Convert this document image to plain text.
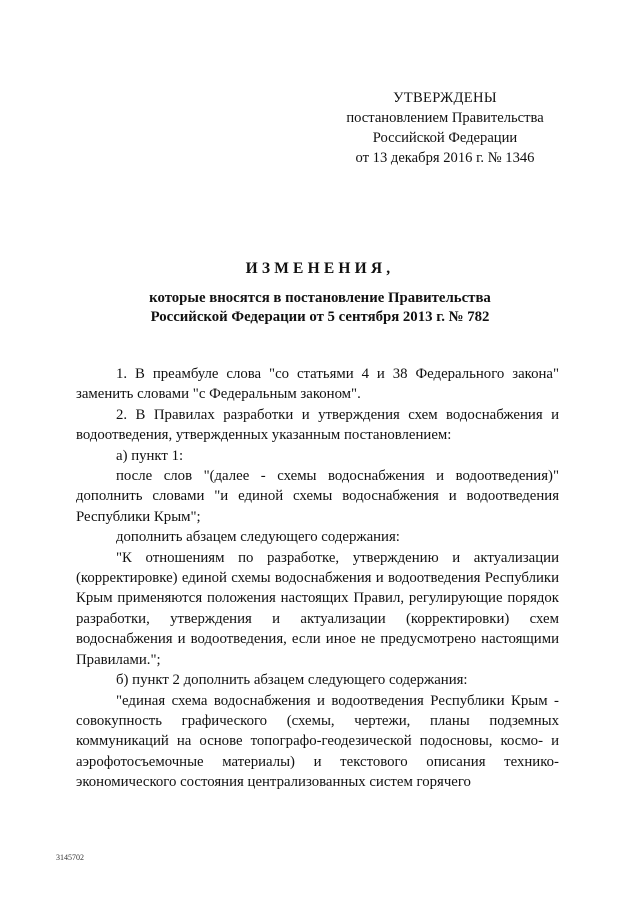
УТВЕРЖДЕНЫ
постановлением Правительства
Российской Федерации
от 13 декабря 2016 г. № 1346
ИЗМЕНЕНИЯ,
которые вносятся в постановление Правительства
Российской Федерации от 5 сентября 2013 г. № 782

1. В преамбуле слова "со статьями 4 и 38 Федерального закона" заменить словами "с Федеральным законом".

2. В Правилах разработки и утверждения схем водоснабжения и водоотведения, утвержденных указанным постановлением:

а) пункт 1:

после слов "(далее - схемы водоснабжения и водоотведения)" дополнить словами "и единой схемы водоснабжения и водоотведения Республики Крым";

дополнить абзацем следующего содержания:

"К отношениям по разработке, утверждению и актуализации (корректировке) единой схемы водоснабжения и водоотведения Республики Крым применяются положения настоящих Правил, регулирующие порядок разработки, утверждения и актуализации (корректировки) схем водоснабжения и водоотведения, если иное не предусмотрено настоящими Правилами.";

б) пункт 2 дополнить абзацем следующего содержания:

"единая схема водоснабжения и водоотведения Республики Крым - совокупность графического (схемы, чертежи, планы подземных коммуникаций на основе топографо-геодезической подосновы, космо- и аэрофотосъемочные материалы) и текстового описания технико-экономического состояния централизованных систем горячего

3145702
